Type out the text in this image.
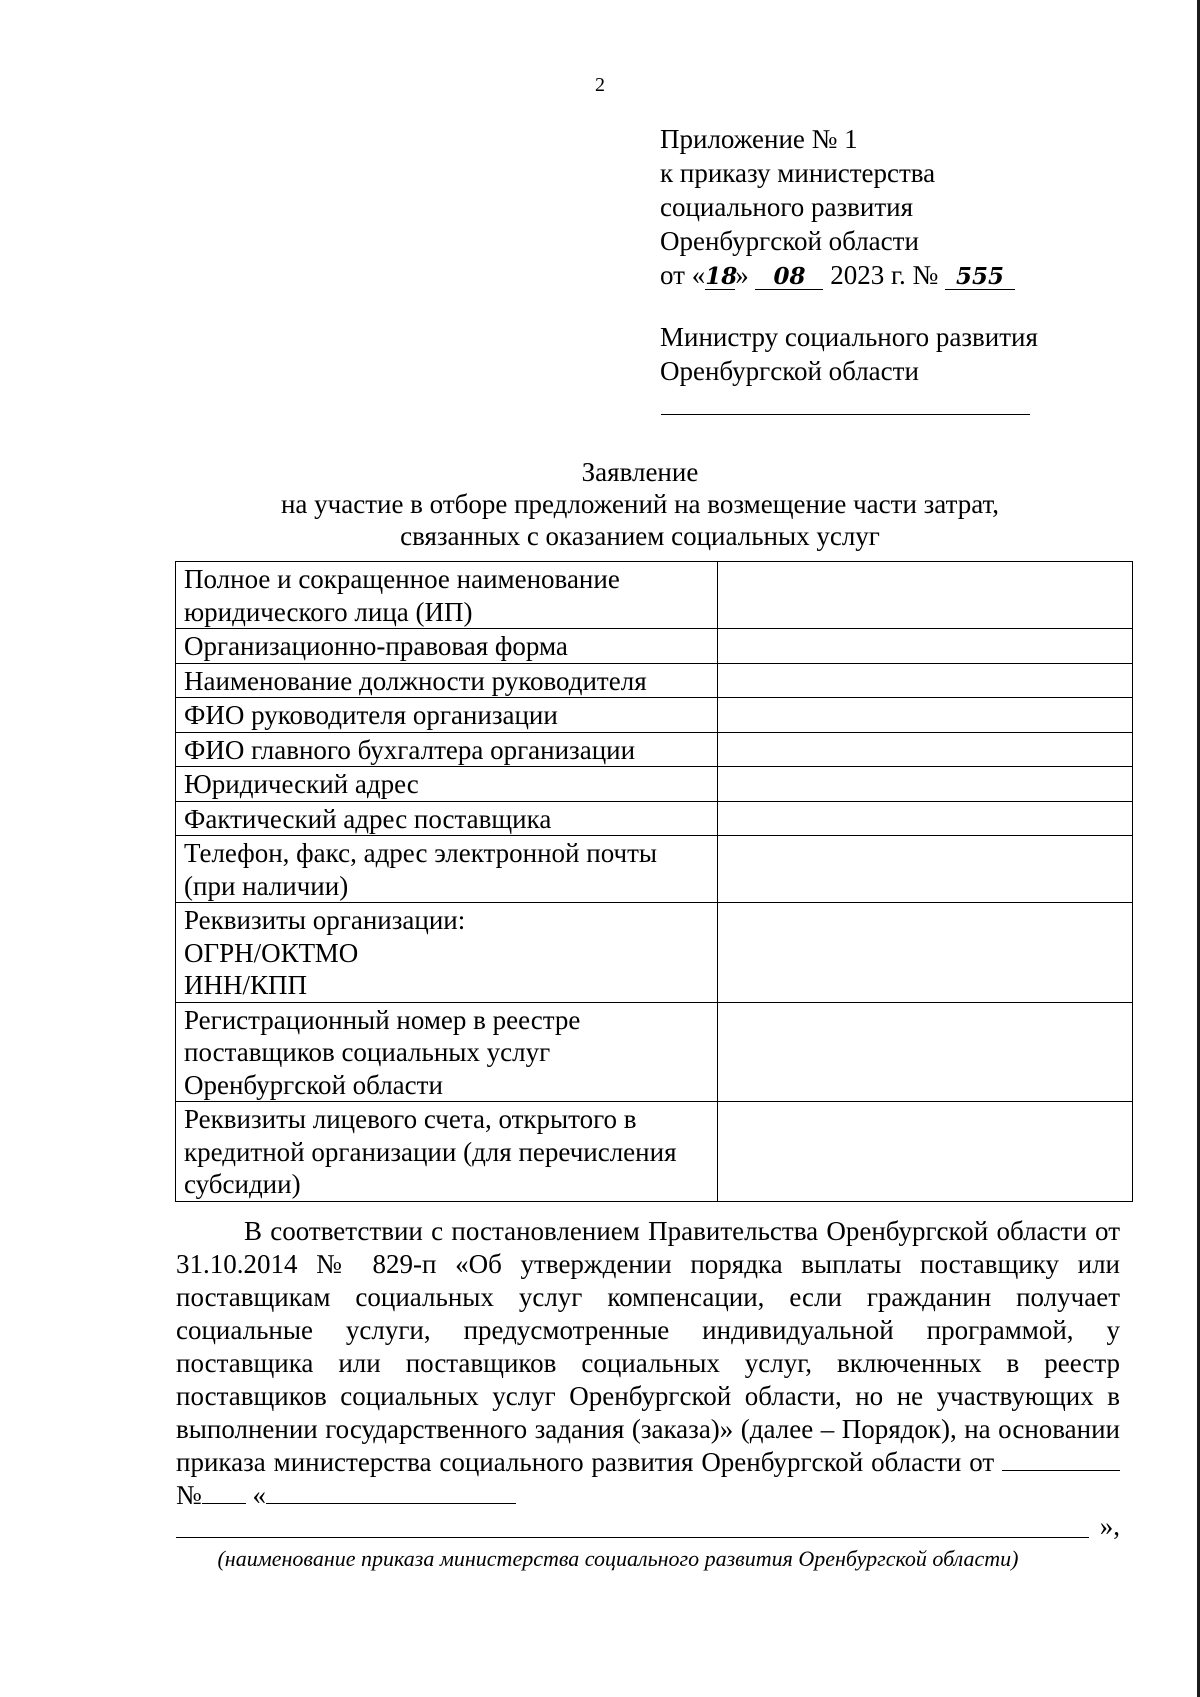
2
Приложение № 1
к приказу министерства
социального развития
Оренбургской области
от «18» 08 2023 г. № 555
Министру социального развития
Оренбургской области
Заявление
на участие в отборе предложений на возмещение части затрат,
связанных с оказанием социальных услуг
Полное и сокращенное наименование
юридического лица (ИП)	

Организационно-правовая форма	

Наименование должности руководителя	

ФИО руководителя организации	

ФИО главного бухгалтера организации	

Юридический адрес	

Фактический адрес поставщика	

Телефон, факс, адрес электронной почты
(при наличии)	

Реквизиты организации:
ОГРН/ОКТМО
ИНН/КПП	

Регистрационный номер в реестре
поставщиков социальных услуг
Оренбургской области	

Реквизиты лицевого счета, открытого в
кредитной организации (для перечисления
субсидии)	

В соответствии с постановлением Правительства Оренбургской области от 31.10.2014 № 829-п «Об утверждении порядка выплаты поставщику или поставщикам социальных услуг компенсации, если гражданин получает социальные услуги, предусмотренные индивидуальной программой, у поставщика или поставщиков социальных услуг, включенных в реестр поставщиков социальных услуг Оренбургской области, но не участвующих в выполнении государственного задания (заказа)» (далее – Порядок), на основании приказа министерства социального развития Оренбургской области от  № «
»,
(наименование приказа министерства социального развития Оренбургской области)
